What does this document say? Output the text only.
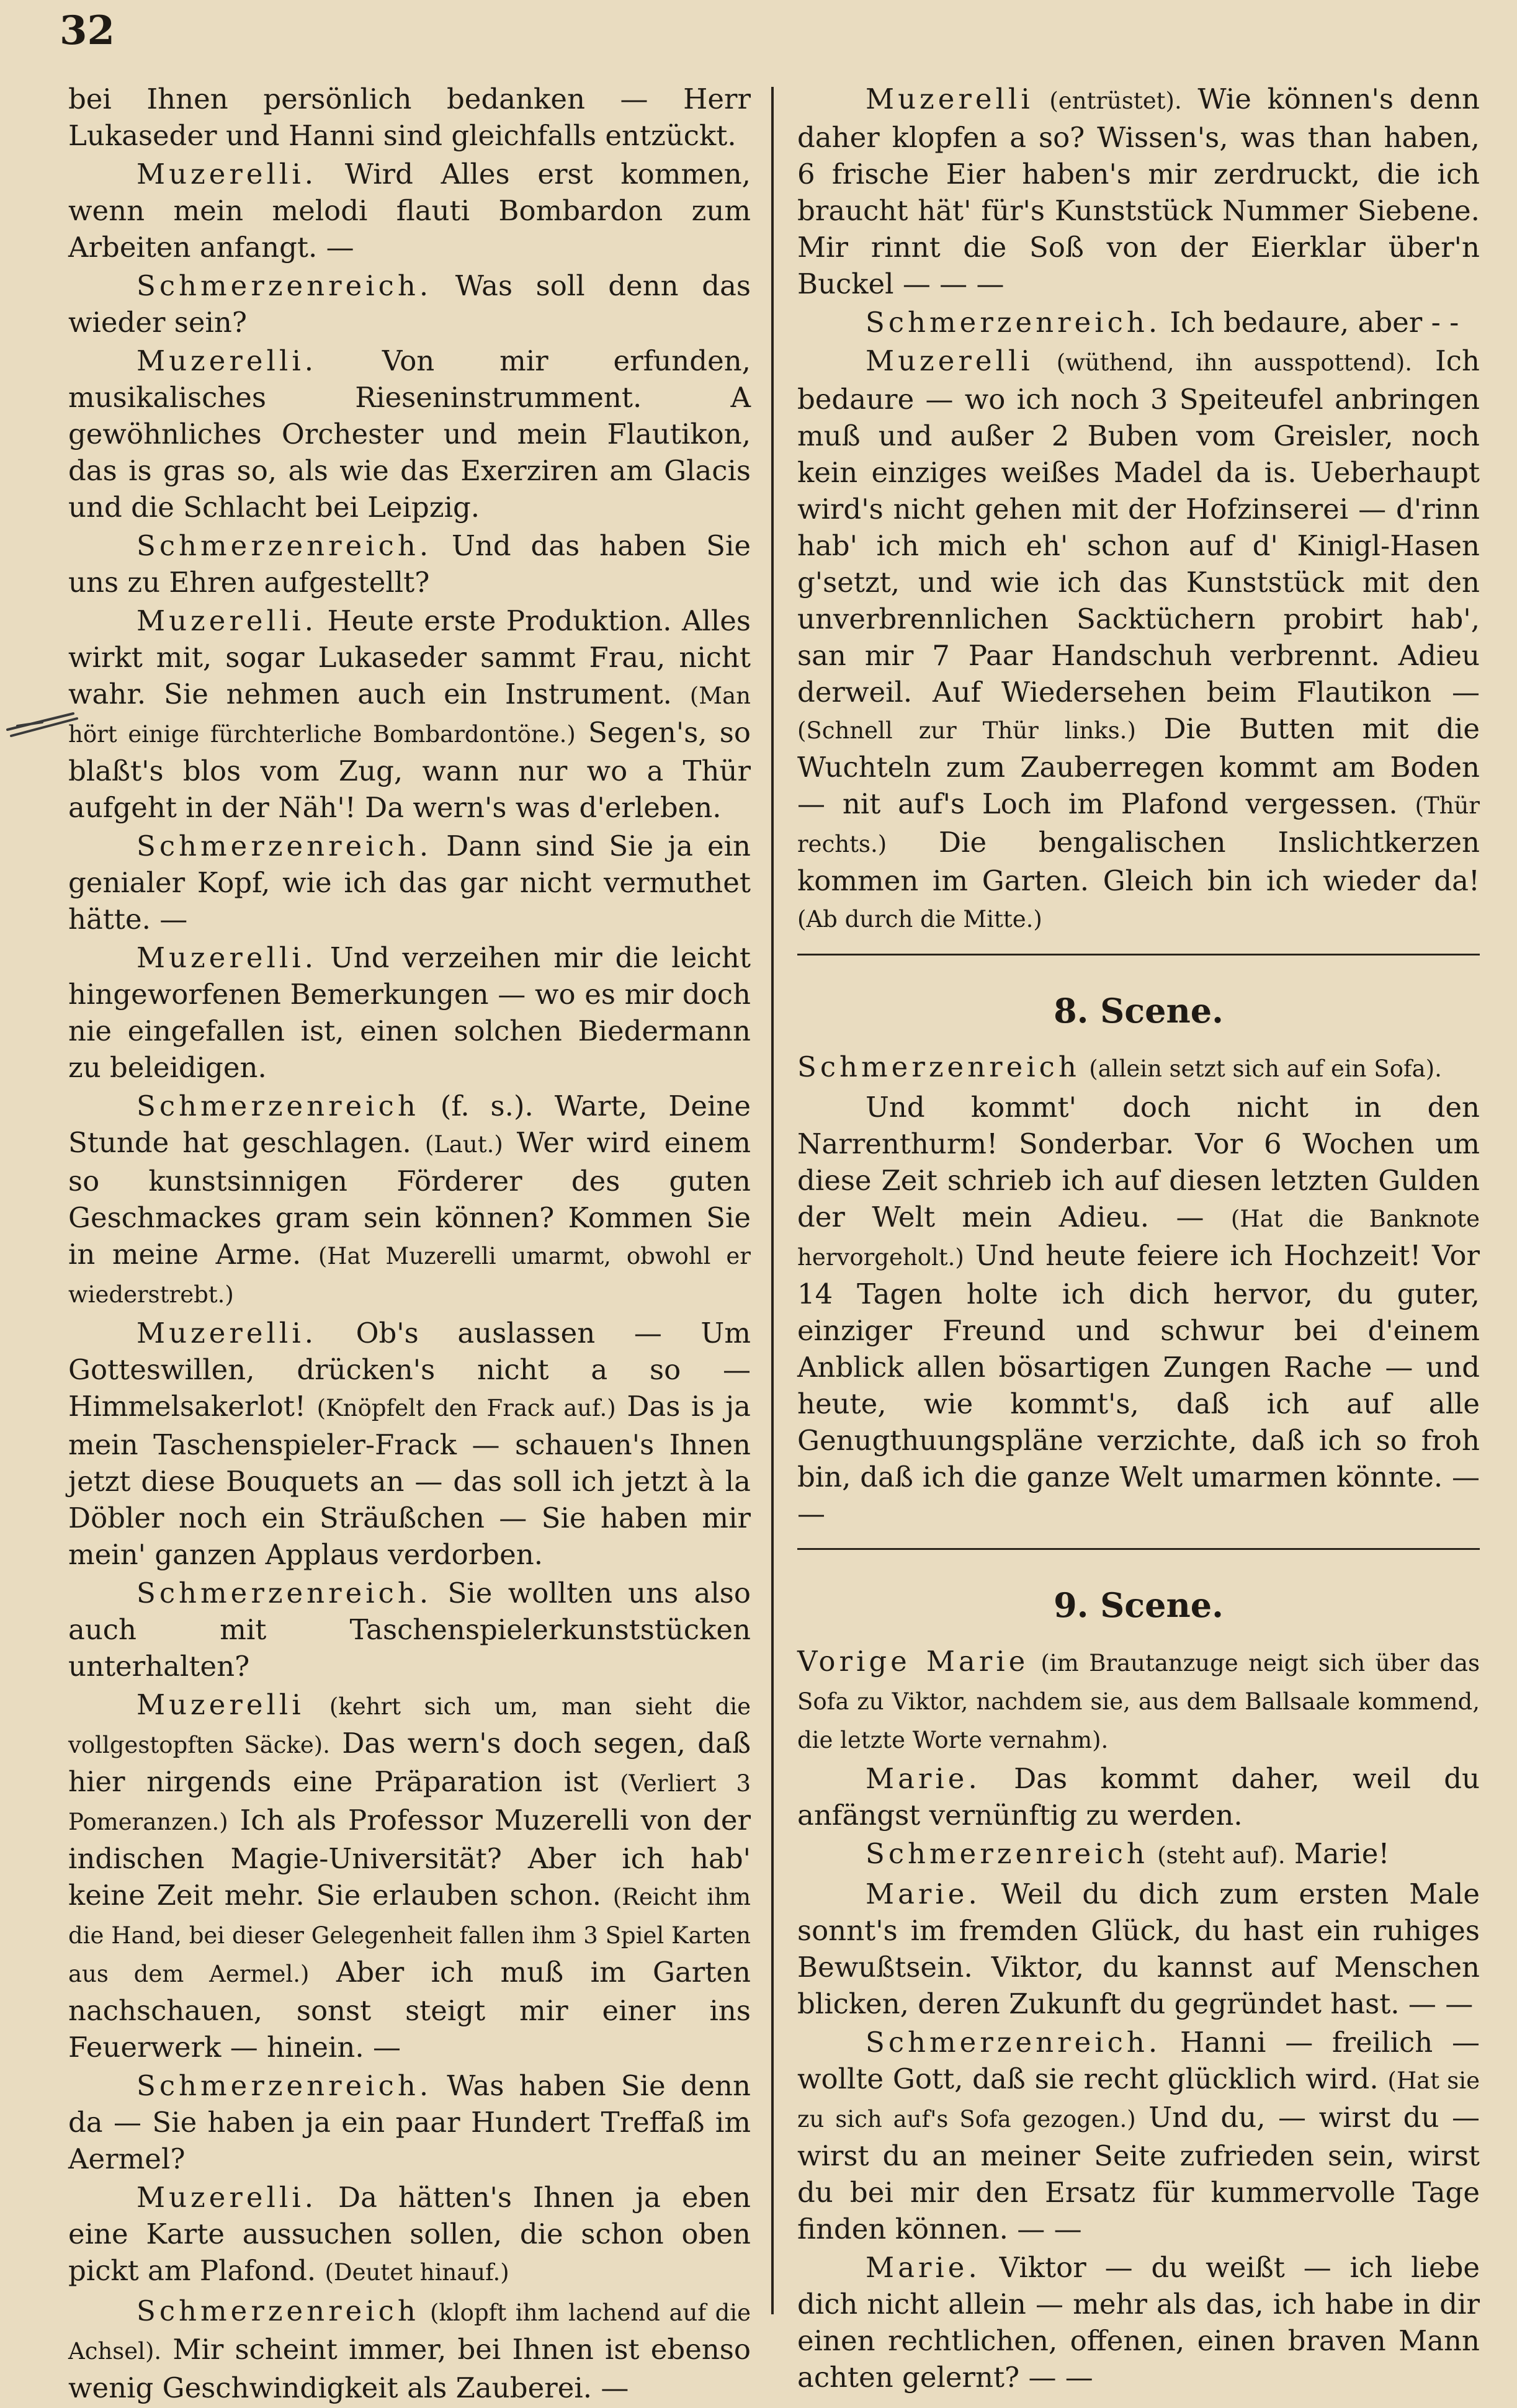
32

bei Ihnen persönlich bedanken — Herr Lukaseder und Hanni sind gleichfalls entzückt.

Muzerelli. Wird Alles erst kommen, wenn mein melodi flauti Bombardon zum Arbeiten anfangt. —

Schmerzenreich. Was soll denn das wieder sein?

Muzerelli. Von mir erfunden, musikalisches Rieseninstrumment. A gewöhnliches Orchester und mein Flautikon, das is gras so, als wie das Exerziren am Glacis und die Schlacht bei Leipzig.

Schmerzenreich. Und das haben Sie uns zu Ehren aufgestellt?

Muzerelli. Heute erste Produktion. Alles wirkt mit, sogar Lukaseder sammt Frau, nicht wahr. Sie nehmen auch ein Instrument. (Man hört einige fürchterliche Bombardontöne.) Segen's, so blaßt's blos vom Zug, wann nur wo a Thür aufgeht in der Näh'! Da wern's was d'erleben.

Schmerzenreich. Dann sind Sie ja ein genialer Kopf, wie ich das gar nicht vermuthet hätte. —

Muzerelli. Und verzeihen mir die leicht hingeworfenen Bemerkungen — wo es mir doch nie eingefallen ist, einen solchen Biedermann zu beleidigen.

Schmerzenreich (f. s.). Warte, Deine Stunde hat geschlagen. (Laut.) Wer wird einem so kunstsinnigen Förderer des guten Geschmackes gram sein können? Kommen Sie in meine Arme. (Hat Muzerelli umarmt, obwohl er wiederstrebt.)

Muzerelli. Ob's auslassen — Um Gotteswillen, drücken's nicht a so — Himmelsakerlot! (Knöpfelt den Frack auf.) Das is ja mein Taschenspieler-Frack — schauen's Ihnen jetzt diese Bouquets an — das soll ich jetzt à la Döbler noch ein Sträußchen — Sie haben mir mein' ganzen Applaus verdorben.

Schmerzenreich. Sie wollten uns also auch mit Taschenspielerkunststücken unterhalten?

Muzerelli (kehrt sich um, man sieht die vollgestopften Säcke). Das wern's doch segen, daß hier nirgends eine Präparation ist (Verliert 3 Pomeranzen.) Ich als Professor Muzerelli von der indischen Magie-Universität? Aber ich hab' keine Zeit mehr. Sie erlauben schon. (Reicht ihm die Hand, bei dieser Gelegenheit fallen ihm 3 Spiel Karten aus dem Aermel.) Aber ich muß im Garten nachschauen, sonst steigt mir einer ins Feuerwerk — hinein. —

Schmerzenreich. Was haben Sie denn da — Sie haben ja ein paar Hundert Treffaß im Aermel?

Muzerelli. Da hätten's Ihnen ja eben eine Karte aussuchen sollen, die schon oben pickt am Plafond. (Deutet hinauf.)

Schmerzenreich (klopft ihm lachend auf die Achsel). Mir scheint immer, bei Ihnen ist ebenso wenig Geschwindigkeit als Zauberei. —

Muzerelli (entrüstet). Wie können's denn daher klopfen a so? Wissen's, was than haben, 6 frische Eier haben's mir zerdruckt, die ich braucht hät' für's Kunststück Nummer Siebene. Mir rinnt die Soß von der Eierklar über'n Buckel — — —

Schmerzenreich. Ich bedaure, aber - -

Muzerelli (wüthend, ihn ausspottend). Ich bedaure — wo ich noch 3 Speiteufel anbringen muß und außer 2 Buben vom Greisler, noch kein einziges weißes Madel da is. Ueberhaupt wird's nicht gehen mit der Hofzinserei — d'rinn hab' ich mich eh' schon auf d' Kinigl-Hasen g'setzt, und wie ich das Kunststück mit den unverbrennlichen Sacktüchern probirt hab', san mir 7 Paar Handschuh verbrennt. Adieu derweil. Auf Wiedersehen beim Flautikon — (Schnell zur Thür links.) Die Butten mit die Wuchteln zum Zauberregen kommt am Boden — nit auf's Loch im Plafond vergessen. (Thür rechts.) Die bengalischen Inslichtkerzen kommen im Garten. Gleich bin ich wieder da! (Ab durch die Mitte.)

8. Scene.

Schmerzenreich (allein setzt sich auf ein Sofa).

Und kommt' doch nicht in den Narrenthurm! Sonderbar. Vor 6 Wochen um diese Zeit schrieb ich auf diesen letzten Gulden der Welt mein Adieu. — (Hat die Banknote hervorgeholt.) Und heute feiere ich Hochzeit! Vor 14 Tagen holte ich dich hervor, du guter, einziger Freund und schwur bei d'einem Anblick allen bösartigen Zungen Rache — und heute, wie kommt's, daß ich auf alle Genugthuungspläne verzichte, daß ich so froh bin, daß ich die ganze Welt umarmen könnte. — —

9. Scene.

Vorige Marie (im Brautanzuge neigt sich über das Sofa zu Viktor, nachdem sie, aus dem Ballsaale kommend, die letzte Worte vernahm).

Marie. Das kommt daher, weil du anfängst vernünftig zu werden.

Schmerzenreich (steht auf). Marie!

Marie. Weil du dich zum ersten Male sonnt's im fremden Glück, du hast ein ruhiges Bewußtsein. Viktor, du kannst auf Menschen blicken, deren Zukunft du gegründet hast. — —

Schmerzenreich. Hanni — freilich — wollte Gott, daß sie recht glücklich wird. (Hat sie zu sich auf's Sofa gezogen.) Und du, — wirst du — wirst du an meiner Seite zufrieden sein, wirst du bei mir den Ersatz für kummervolle Tage finden können. — —

Marie. Viktor — du weißt — ich liebe dich nicht allein — mehr als das, ich habe in dir einen rechtlichen, offenen, einen braven Mann achten gelernt? — —
